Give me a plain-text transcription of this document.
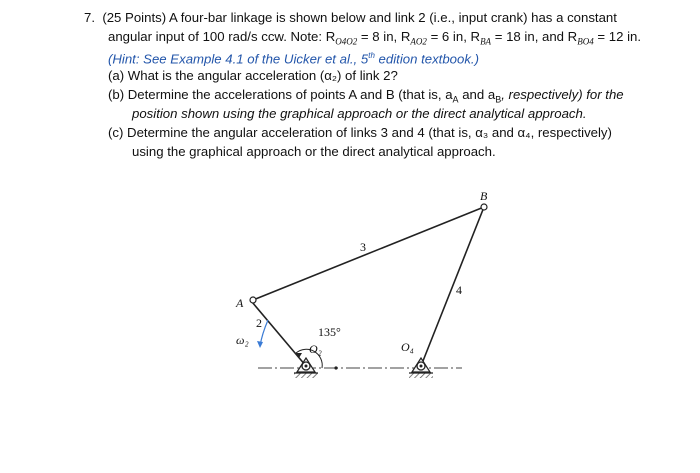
7. (25 Points) A four-bar linkage is shown below and link 2 (i.e., input crank) has a constant
angular input of 100 rad/s ccw. Note: $R_{O4O2} = 8$ in, $R_{AO2} = 6$ in, $R_{BA} = 18$ in, and $R_{BO4} = 12$ in.
(Hint: See Example 4.1 of the Uicker et al., 5th edition textbook.)
(a) What is the angular acceleration (α₂) of link 2?
(b) Determine the accelerations of points A and B (that is, $a_A$ and $a_B$, respectively) for the
position shown using the graphical approach or the direct analytical approach.
(c) Determine the angular acceleration of links 3 and 4 (that is, α₃ and α₄, respectively)
using the graphical approach or the direct analytical approach.
B
A
3
4
2
ω₂
135°
O₂	O₄
